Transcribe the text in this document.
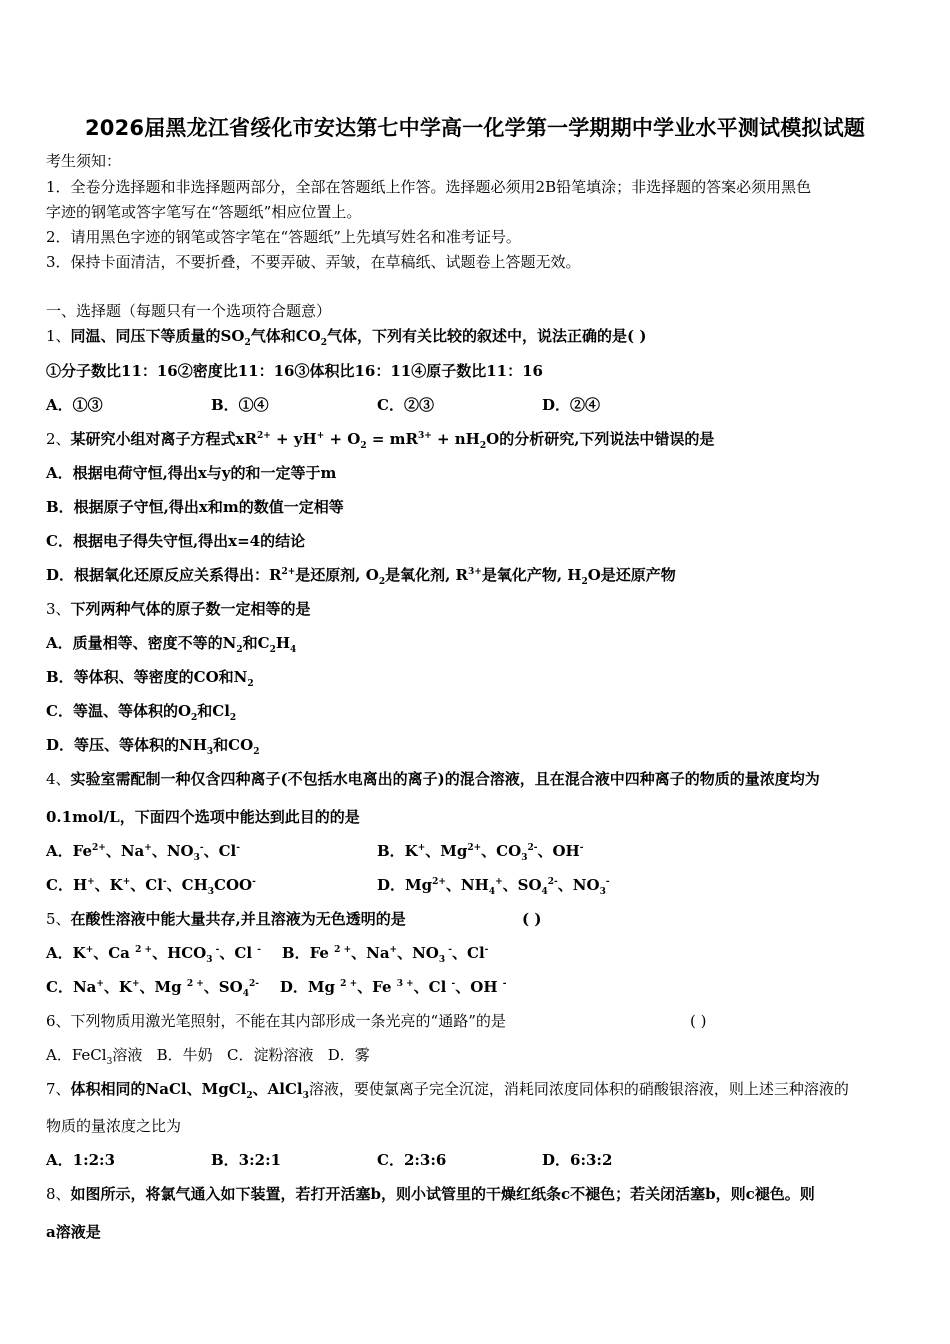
2026届黑龙江省绥化市安达第七中学高一化学第一学期期中学业水平测试模拟试题
考生须知：
1．全卷分选择题和非选择题两部分，全部在答题纸上作答。选择题必须用2B铅笔填涂；非选择题的答案必须用黑色
字迹的钢笔或答字笔写在“答题纸”相应位置上。
2．请用黑色字迹的钢笔或答字笔在“答题纸”上先填写姓名和准考证号。
3．保持卡面清洁，不要折叠，不要弄破、弄皱，在草稿纸、试题卷上答题无效。
一、选择题（每题只有一个选项符合题意）
1、同温、同压下等质量的$SO_2$气体和$CO_2$气体，下列有关比较的叙述中，说法正确的是( )
①分子数比11：16②密度比11：16③体积比16：11④原子数比11：16
A．①③	B．①④	C．②③	D．②④
2、某研究小组对离子方程式$xR^{2+} + yH^+ + O_2 = mR^{3+} + nH_2O$的分析研究,下列说法中错误的是
A．根据电荷守恒,得出x与y的和一定等于m
B．根据原子守恒,得出x和m的数值一定相等
C．根据电子得失守恒,得出x=4的结论
D．根据氧化还原反应关系得出：$R^{2+}$是还原剂, $O_2$是氧化剂, $R^{3+}$是氧化产物, $H_2O$是还原产物
3、下列两种气体的原子数一定相等的是
A．质量相等、密度不等的$N_2$和$C_2H_4$
B．等体积、等密度的CO和$N_2$
C．等温、等体积的$O_2$和$Cl_2$
D．等压、等体积的$NH_3$和$CO_2$
4、实验室需配制一种仅含四种离子(不包括水电离出的离子)的混合溶液，且在混合液中四种离子的物质的量浓度均为
0.1mol/L，下面四个选项中能达到此目的的是
A．$Fe^{2+}$、Na+、$NO_3^-$、Cl-	B．K+、$Mg^{2+}$、$CO_3^{2-}$、OH-
C．H+、K+、Cl-、$CH_3COO^-$	D．$Mg^{2+}$、$NH_4^+$、$SO_4^{2-}$、$NO_3^-$
5、在酸性溶液中能大量共存,并且溶液为无色透明的是	( )
A．K+、Ca $^{2 +}$、$HCO_3$ -、Cl -    B．Fe $^{2 +}$、Na+、$NO_3$ -、Cl-
C．Na+、K+、Mg $^{2 +}$、$SO_4^{2-}$    D．Mg $^{2 +}$、Fe $^{3 +}$、Cl -、OH -
6、下列物质用激光笔照射，不能在其内部形成一条光亮的“通路”的是	( )
A．FeCl$_3$溶液 B．牛奶 C．淀粉溶液 D．雾
7、体积相同的NaCl、MgCl$_2$、AlCl$_3$溶液，要使氯离子完全沉淀，消耗同浓度同体积的硝酸银溶液，则上述三种溶液的
物质的量浓度之比为
A．1:2:3	B．3:2:1	C．2:3:6	D．6:3:2
8、如图所示，将氯气通入如下装置，若打开活塞b，则小试管里的干燥红纸条c不褪色；若关闭活塞b，则c褪色。则
a溶液是
